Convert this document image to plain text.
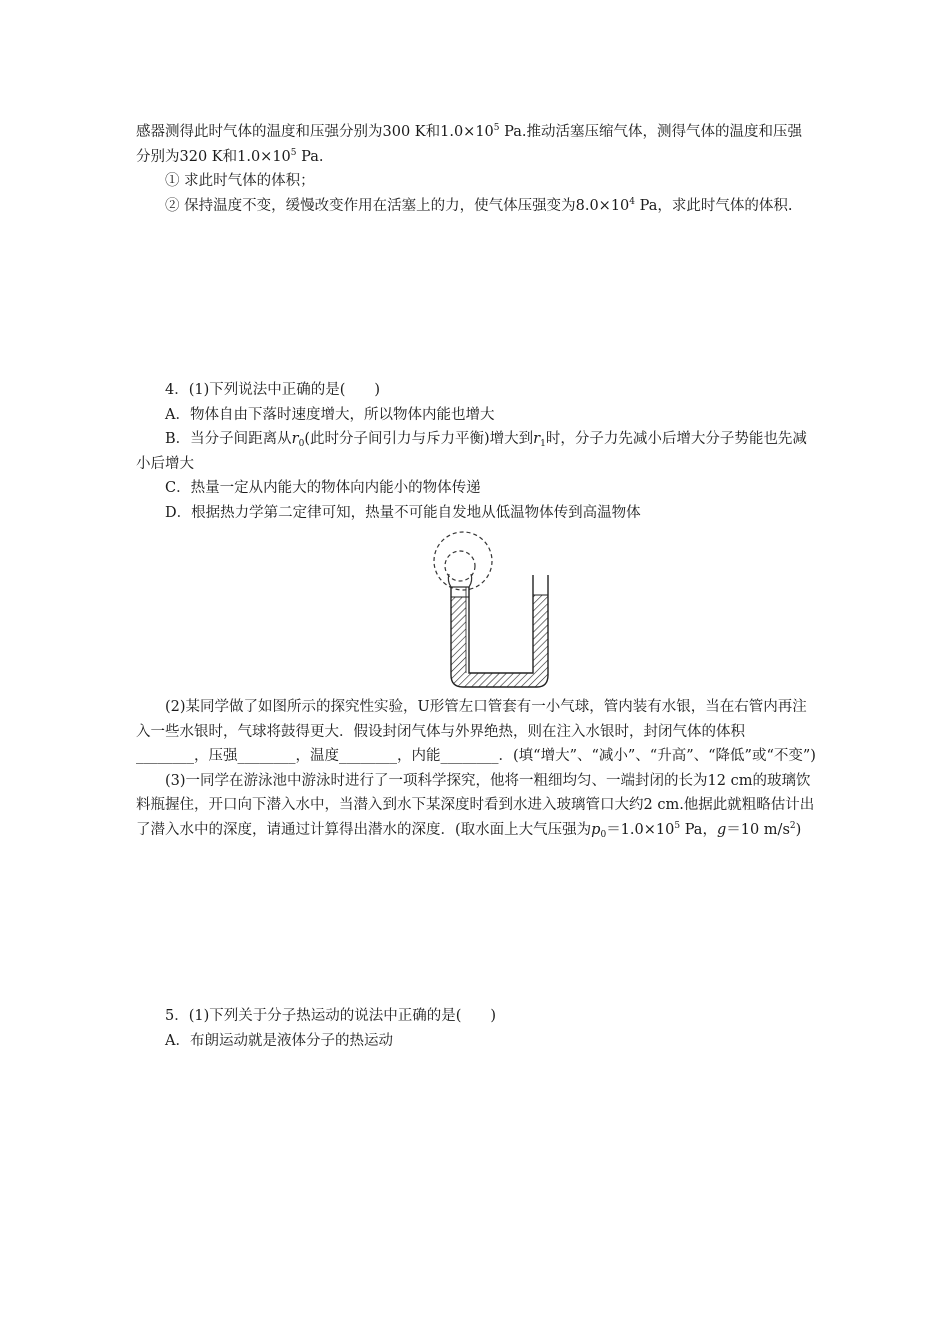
感器测得此时气体的温度和压强分别为300 K和$1.0\times 10^5$ Pa.推动活塞压缩气体，测得气体的温度和压强分别为320 K和$1.0\times 10^5$ Pa.

① 求此时气体的体积；

② 保持温度不变，缓慢改变作用在活塞上的力，使气体压强变为$8.0\times 10^4$ Pa，求此时气体的体积.

4．(1)下列说法中正确的是(　　)

A．物体自由下落时速度增大，所以物体内能也增大

B．当分子间距离从$r_0$(此时分子间引力与斥力平衡)增大到$r_1$时，分子力先减小后增大分子势能也先减小后增大

C．热量一定从内能大的物体向内能小的物体传递

D．根据热力学第二定律可知，热量不可能自发地从低温物体传到高温物体

(2)某同学做了如图所示的探究性实验，U形管左口管套有一小气球，管内装有水银，当在右管内再注入一些水银时，气球将鼓得更大．假设封闭气体与外界绝热，则在注入水银时，封闭气体的体积________，压强________，温度________，内能________．(填“增大”、“减小”、“升高”、“降低”或“不变”)

(3)一同学在游泳池中游泳时进行了一项科学探究，他将一粗细均匀、一端封闭的长为12 cm的玻璃饮料瓶握住，开口向下潜入水中，当潜入到水下某深度时看到水进入玻璃管口大约2 cm.他据此就粗略估计出了潜入水中的深度，请通过计算得出潜水的深度．(取水面上大气压强为$p_0=1.0\times 10^5$ Pa，g＝10 $m/s^2$)

5．(1)下列关于分子热运动的说法中正确的是(　　)

A．布朗运动就是液体分子的热运动
